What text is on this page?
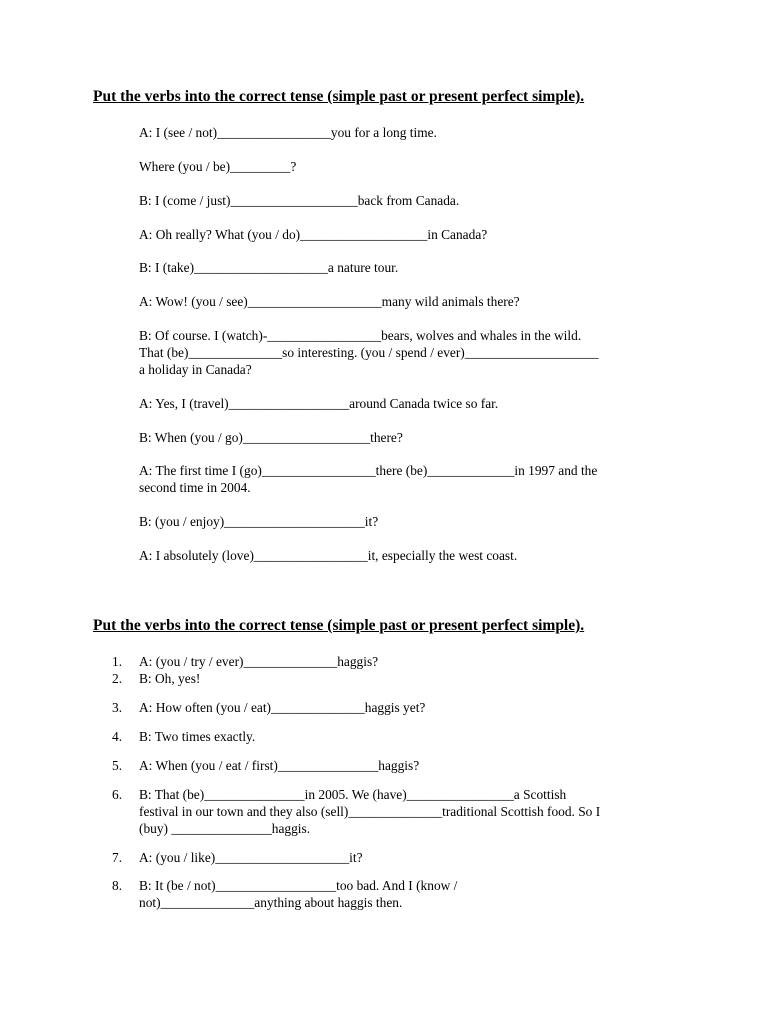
Put the verbs into the correct tense (simple past or present perfect simple).
A: I (see / not)_________________you for a long time.
Where (you / be)_________?
B: I (come / just)___________________back from Canada.
A: Oh really? What (you / do)___________________in Canada?
B: I (take)____________________a nature tour.
A: Wow! (you / see)____________________many wild animals there?
B: Of course. I (watch)-_________________bears, wolves and whales in the wild.
That (be)______________so interesting. (you / spend / ever)____________________
a holiday in Canada?
A: Yes, I (travel)__________________around Canada twice so far.
B: When (you / go)___________________there?
A: The first time I (go)_________________there (be)_____________in 1997 and the
second time in 2004.
B: (you / enjoy)_____________________it?
A: I absolutely (love)_________________it, especially the west coast.
Put the verbs into the correct tense (simple past or present perfect simple).
1. A: (you / try / ever)______________haggis?
2. B: Oh, yes!
3. A: How often (you / eat)______________haggis yet?
4. B: Two times exactly.
5. A: When (you / eat / first)_______________haggis?
6. B: That (be)_______________in 2005. We (have)________________a Scottish
festival in our town and they also (sell)______________traditional Scottish food. So I
(buy) _______________haggis.
7. A: (you / like)____________________it?
8. B: It (be / not)__________________too bad. And I (know /
not)______________anything about haggis then.
